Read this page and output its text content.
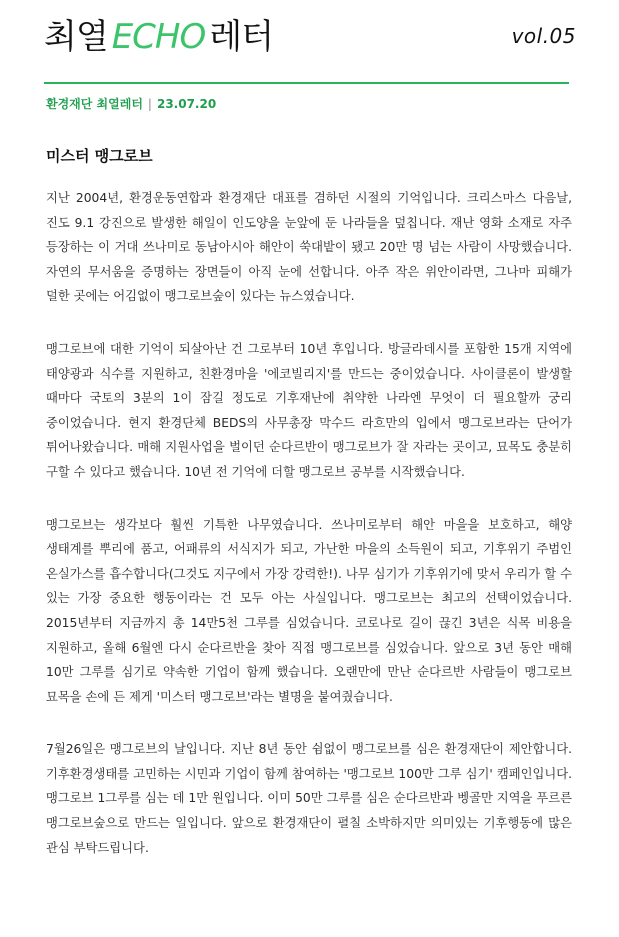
최열 ECHO 레터	vol.05
환경재단 최열레터 | 23.07.20
미스터 맹그로브

지난 2004년, 환경운동연합과 환경재단 대표를 겸하던 시절의 기억입니다. 크리스마스 다음날, 진도 9.1 강진으로 발생한 해일이 인도양을 눈앞에 둔 나라들을 덮칩니다. 재난 영화 소재로 자주 등장하는 이 거대 쓰나미로 동남아시아 해안이 쑥대밭이 됐고 20만 명 넘는 사람이 사망했습니다. 자연의 무서움을 증명하는 장면들이 아직 눈에 선합니다. 아주 작은 위안이라면, 그나마 피해가 덜한 곳에는 어김없이 맹그로브숲이 있다는 뉴스였습니다.

맹그로브에 대한 기억이 되살아난 건 그로부터 10년 후입니다. 방글라데시를 포함한 15개 지역에 태양광과 식수를 지원하고, 친환경마을 '에코빌리지'를 만드는 중이었습니다. 사이클론이 발생할 때마다 국토의 3분의 1이 잠길 정도로 기후재난에 취약한 나라엔 무엇이 더 필요할까 궁리 중이었습니다. 현지 환경단체 BEDS의 사무총장 막수드 라흐만의 입에서 맹그로브라는 단어가 튀어나왔습니다. 매해 지원사업을 벌이던 순다르반이 맹그로브가 잘 자라는 곳이고, 묘목도 충분히 구할 수 있다고 했습니다. 10년 전 기억에 더할 맹그로브 공부를 시작했습니다.

맹그로브는 생각보다 훨씬 기특한 나무였습니다. 쓰나미로부터 해안 마을을 보호하고, 해양 생태계를 뿌리에 품고, 어패류의 서식지가 되고, 가난한 마을의 소득원이 되고, 기후위기 주범인 온실가스를 흡수합니다(그것도 지구에서 가장 강력한!). 나무 심기가 기후위기에 맞서 우리가 할 수 있는 가장 중요한 행동이라는 건 모두 아는 사실입니다. 맹그로브는 최고의 선택이었습니다. 2015년부터 지금까지 총 14만5천 그루를 심었습니다. 코로나로 길이 끊긴 3년은 식목 비용을 지원하고, 올해 6월엔 다시 순다르반을 찾아 직접 맹그로브를 심었습니다. 앞으로 3년 동안 매해 10만 그루를 심기로 약속한 기업이 함께 했습니다. 오랜만에 만난 순다르반 사람들이 맹그로브 묘목을 손에 든 제게 '미스터 맹그로브'라는 별명을 붙여줬습니다.

7월26일은 맹그로브의 날입니다. 지난 8년 동안 쉼없이 맹그로브를 심은 환경재단이 제안합니다. 기후환경생태를 고민하는 시민과 기업이 함께 참여하는 '맹그로브 100만 그루 심기' 캠페인입니다. 맹그로브 1그루를 심는 데 1만 원입니다. 이미 50만 그루를 심은 순다르반과 벵골만 지역을 푸르른 맹그로브숲으로 만드는 일입니다. 앞으로 환경재단이 펼칠 소박하지만 의미있는 기후행동에 많은 관심 부탁드립니다.
